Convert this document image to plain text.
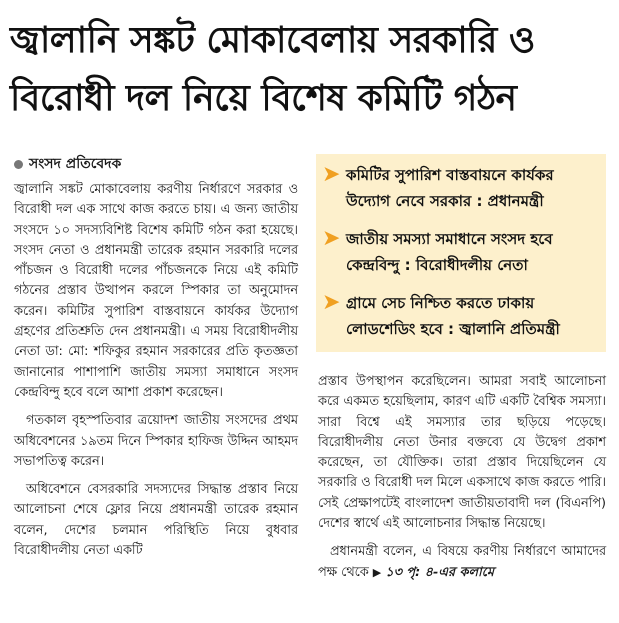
জ্বালানি সঙ্কট মোকাবেলায় সরকারি ও
বিরোধী দল নিয়ে বিশেষ কমিটি গঠন
সংসদ প্রতিবেদক

জ্বালানি সঙ্কট মোকাবেলায় করণীয় নির্ধারণে সরকার ও বিরোধী দল এক সাথে কাজ করতে চায়। এ জন্য জাতীয় সংসদে ১০ সদস্যবিশিষ্ট বিশেষ কমিটি গঠন করা হয়েছে। সংসদ নেতা ও প্রধানমন্ত্রী তারেক রহমান সরকারি দলের পাঁচজন ও বিরোধী দলের পাঁচজনকে নিয়ে এই কমিটি গঠনের প্রস্তাব উত্থাপন করলে স্পিকার তা অনুমোদন করেন। কমিটির সুপারিশ বাস্তবায়নে কার্যকর উদ্যোগ গ্রহণের প্রতিশ্রুতি দেন প্রধানমন্ত্রী। এ সময় বিরোধীদলীয় নেতা ডা: মো: শফিকুর রহমান সরকারের প্রতি কৃতজ্ঞতা জানানোর পাশাপাশি জাতীয় সমস্যা সমাধানে সংসদ কেন্দ্রবিন্দু হবে বলে আশা প্রকাশ করেছেন।

গতকাল বৃহস্পতিবার ত্রয়োদশ জাতীয় সংসদের প্রথম অধিবেশনের ১৯তম দিনে স্পিকার হাফিজ উদ্দিন আহমদ সভাপতিত্ব করেন।

অধিবেশনে বেসরকারি সদস্যদের সিদ্ধান্ত প্রস্তাব নিয়ে আলোচনা শেষে ফ্লোর নিয়ে প্রধানমন্ত্রী তারেক রহমান বলেন, দেশের চলমান পরিস্থিতি নিয়ে বুধবার বিরোধীদলীয় নেতা একটি

➤ কমিটির সুপারিশ বাস্তবায়নে কার্যকর
উদ্যোগ নেবে সরকার : প্রধানমন্ত্রী
➤ জাতীয় সমস্যা সমাধানে সংসদ হবে
কেন্দ্রবিন্দু : বিরোধীদলীয় নেতা
➤ গ্রামে সেচ নিশ্চিত করতে ঢাকায়
লোডশেডিং হবে : জ্বালানি প্রতিমন্ত্রী

প্রস্তাব উপস্থাপন করেছিলেন। আমরা সবাই আলোচনা করে একমত হয়েছিলাম, কারণ এটি একটি বৈশ্বিক সমস্যা। সারা বিশ্বে এই সমস্যার তার ছড়িয়ে পড়েছে। বিরোধীদলীয় নেতা উনার বক্তব্যে যে উদ্বেগ প্রকাশ করেছেন, তা যৌক্তিক। তারা প্রস্তাব দিয়েছিলেন যে সরকারি ও বিরোধী দল মিলে একসাথে কাজ করতে পারি। সেই প্রেক্ষাপটেই বাংলাদেশ জাতীয়তাবাদী দল (বিএনপি) দেশের স্বার্থে এই আলোচনার সিদ্ধান্ত নিয়েছে।

প্রধানমন্ত্রী বলেন, এ বিষয়ে করণীয় নির্ধারণে আমাদের পক্ষ থেকে ▶ ১৩ পৃ: ৪-এর কলামে
